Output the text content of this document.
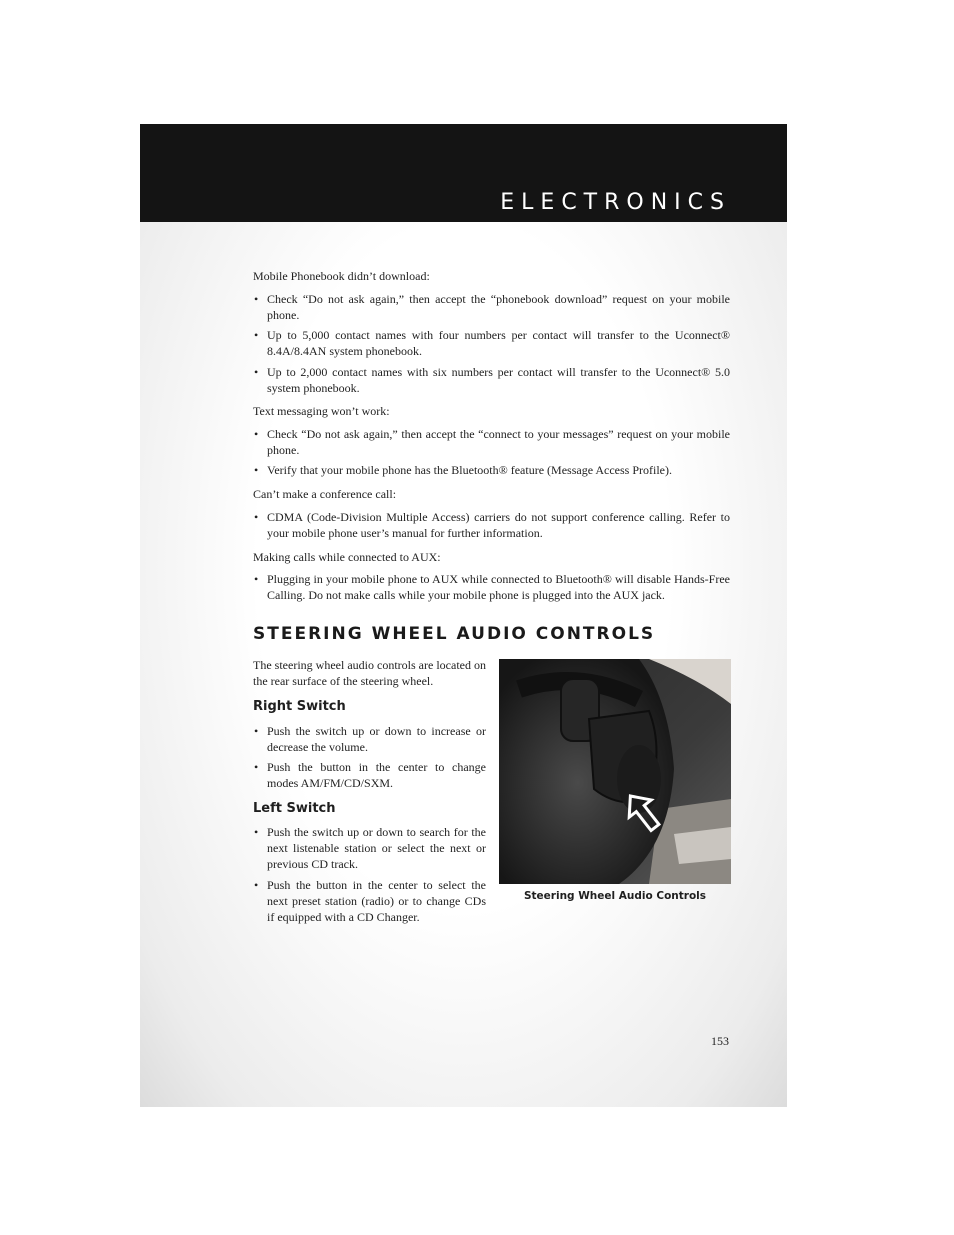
ELECTRONICS

Mobile Phonebook didn’t download:

• Check “Do not ask again,” then accept the “phonebook download” request on your mobile phone.

• Up to 5,000 contact names with four numbers per contact will transfer to the Uconnect® 8.4A/8.4AN system phonebook.

• Up to 2,000 contact names with six numbers per contact will transfer to the Uconnect® 5.0 system phonebook.

Text messaging won’t work:

• Check “Do not ask again,” then accept the “connect to your messages” request on your mobile phone.

• Verify that your mobile phone has the Bluetooth® feature (Message Access Profile).

Can’t make a conference call:

• CDMA (Code-Division Multiple Access) carriers do not support conference calling. Refer to your mobile phone user’s manual for further information.

Making calls while connected to AUX:

• Plugging in your mobile phone to AUX while connected to Bluetooth® will disable Hands-Free Calling. Do not make calls while your mobile phone is plugged into the AUX jack.

STEERING WHEEL AUDIO CONTROLS

The steering wheel audio controls are located on the rear surface of the steering wheel.

Right Switch

• Push the switch up or down to increase or decrease the volume.

• Push the button in the center to change modes AM/FM/CD/SXM.

Left Switch

• Push the switch up or down to search for the next listenable station or select the next or previous CD track.

• Push the button in the center to select the next preset station (radio) or to change CDs if equipped with a CD Changer.

Steering Wheel Audio Controls

153
